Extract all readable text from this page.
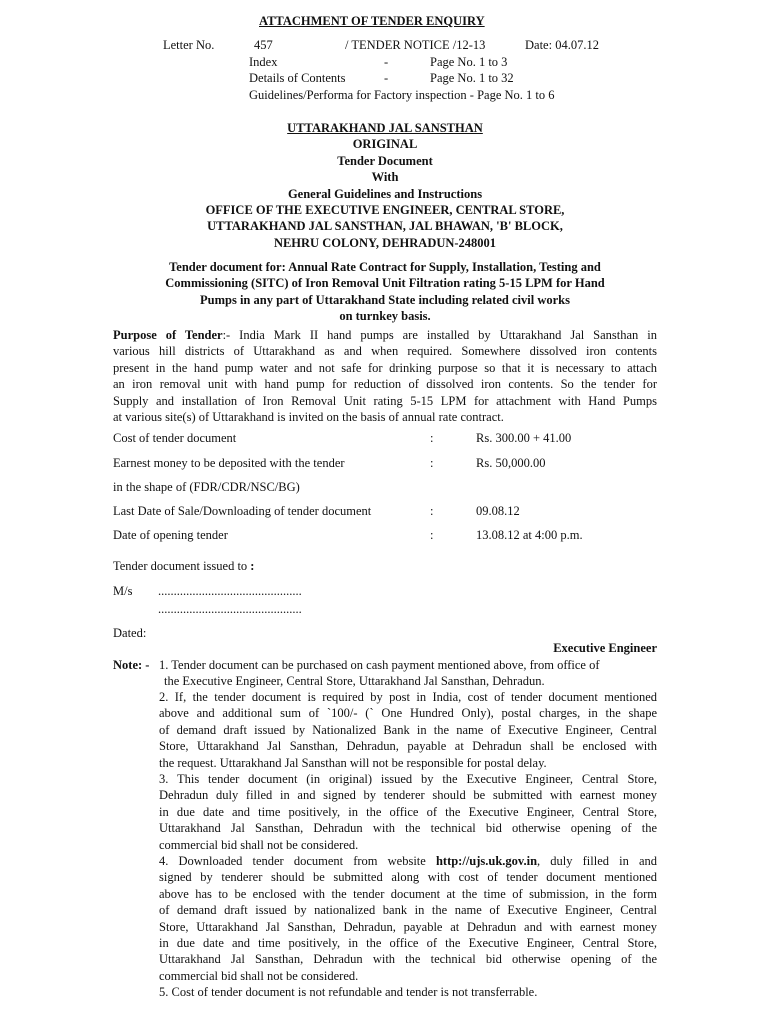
ATTACHMENT OF TENDER ENQUIRY
Letter No.	457	/ TENDER NOTICE /12-13	Date: 04.07.12
Index	-	Page No. 1 to 3
Details of Contents	-	Page No. 1 to 32
Guidelines/Performa for Factory inspection - Page No. 1 to 6
UTTARAKHAND JAL SANSTHAN
ORIGINAL
Tender Document
With
General Guidelines and Instructions
OFFICE OF THE EXECUTIVE ENGINEER, CENTRAL STORE,
UTTARAKHAND JAL SANSTHAN, JAL BHAWAN, 'B' BLOCK,
NEHRU COLONY, DEHRADUN-248001
Tender document for: Annual Rate Contract for Supply, Installation, Testing and
Commissioning (SITC) of Iron Removal Unit Filtration rating 5-15 LPM for Hand
Pumps in any part of Uttarakhand State including related civil works
on turnkey basis.
Purpose of Tender:- India Mark II hand pumps are installed by Uttarakhand Jal Sansthan in
various hill districts of Uttarakhand as and when required. Somewhere dissolved iron contents
present in the hand pump water and not safe for drinking purpose so that it is necessary to attach
an iron removal unit with hand pump for reduction of dissolved iron contents. So the tender for
Supply and installation of Iron Removal Unit rating 5-15 LPM for attachment with Hand Pumps
at various site(s) of Uttarakhand is invited on the basis of annual rate contract.
Cost of tender document	:	Rs. 300.00 + 41.00
Earnest money to be deposited with the tender	:	Rs. 50,000.00
in the shape of (FDR/CDR/NSC/BG)
Last Date of Sale/Downloading of tender document	:	09.08.12
Date of opening tender	:	13.08.12 at 4:00 p.m.
Tender document issued to :
M/s ..............................................
..............................................
Dated:
Executive Engineer
Note: - 1. Tender document can be purchased on cash payment mentioned above, from office of
the Executive Engineer, Central Store, Uttarakhand Jal Sansthan, Dehradun.
2. If, the tender document is required by post in India, cost of tender document mentioned
above and additional sum of `100/- (` One Hundred Only), postal charges, in the shape
of demand draft issued by Nationalized Bank in the name of Executive Engineer, Central
Store, Uttarakhand Jal Sansthan, Dehradun, payable at Dehradun shall be enclosed with
the request. Uttarakhand Jal Sansthan will not be responsible for postal delay.
3. This tender document (in original) issued by the Executive Engineer, Central Store,
Dehradun duly filled in and signed by tenderer should be submitted with earnest money
in due date and time positively, in the office of the Executive Engineer, Central Store,
Uttarakhand Jal Sansthan, Dehradun with the technical bid otherwise opening of the
commercial bid shall not be considered.
4. Downloaded tender document from website http://ujs.uk.gov.in, duly filled in and
signed by tenderer should be submitted along with cost of tender document mentioned
above has to be enclosed with the tender document at the time of submission, in the form
of demand draft issued by nationalized bank in the name of Executive Engineer, Central
Store, Uttarakhand Jal Sansthan, Dehradun, payable at Dehradun and with earnest money
in due date and time positively, in the office of the Executive Engineer, Central Store,
Uttarakhand Jal Sansthan, Dehradun with the technical bid otherwise opening of the
commercial bid shall not be considered.
5. Cost of tender document is not refundable and tender is not transferrable.
